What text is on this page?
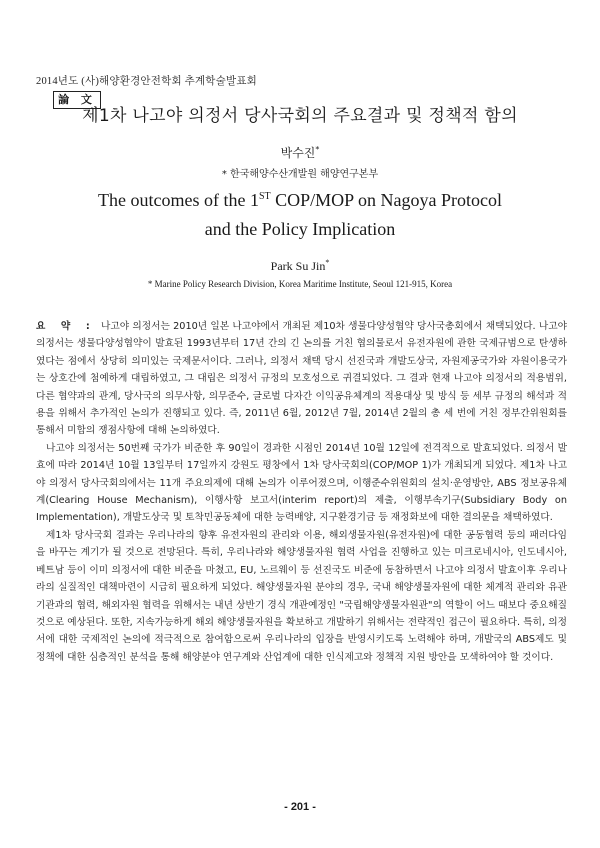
2014년도 (사)해양환경안전학회 추계학술발표회
論 文
제1차 나고야 의정서 당사국회의 주요결과 및 정책적 함의
박수진*
* 한국해양수산개발원 해양연구본부
The outcomes of the 1ST COP/MOP on Nagoya Protocol
and the Policy Implication
Park Su Jin*
* Marine Policy Research Division, Korea Maritime Institute, Seoul 121-915, Korea

요 약 : 나고야 의정서는 2010년 일본 나고야에서 개최된 제10차 생물다양성협약 당사국총회에서 채택되었다. 나고야 의정서는 생물다양성협약이 발효된 1993년부터 17년 간의 긴 논의를 거친 협의물로서 유전자원에 관한 국제규범으로 탄생하였다는 점에서 상당히 의미있는 국제문서이다. 그러나, 의정서 채택 당시 선진국과 개발도상국, 자원제공국가와 자원이용국가는 상호간에 첨예하게 대립하였고, 그 대립은 의정서 규정의 모호성으로 귀결되었다. 그 결과 현재 나고야 의정서의 적용범위, 다른 협약과의 관계, 당사국의 의무사항, 의무준수, 글로벌 다자간 이익공유체계의 적용대상 및 방식 등 세부 규정의 해석과 적용을 위해서 추가적인 논의가 진행되고 있다. 즉, 2011년 6월, 2012년 7월, 2014년 2월의 총 세 번에 거친 정부간위원회를 통해서 미합의 쟁점사항에 대해 논의하였다.

나고야 의정서는 50번째 국가가 비준한 후 90일이 경과한 시점인 2014년 10월 12일에 전격적으로 발효되었다. 의정서 발효에 따라 2014년 10월 13일부터 17일까지 강원도 평창에서 1차 당사국회의(COP/MOP 1)가 개최되게 되었다. 제1차 나고야 의정서 당사국회의에서는 11개 주요의제에 대해 논의가 이루어졌으며, 이행준수위원회의 설치·운영방안, ABS 정보공유체계(Clearing House Mechanism), 이행사항 보고서(interim report)의 제출, 이행부속기구(Subsidiary Body on Implementation), 개발도상국 및 토착민공동체에 대한 능력배양, 지구환경기금 등 재정화보에 대한 결의문을 채택하였다.

제1차 당사국회 결과는 우리나라의 향후 유전자원의 관리와 이용, 해외생물자원(유전자원)에 대한 공동협력 등의 패러다임을 바꾸는 계기가 될 것으로 전망된다. 특히, 우리나라와 해양생물자원 협력 사업을 진행하고 있는 미크로네시아, 인도네시아, 베트남 등이 이미 의정서에 대한 비준을 마쳤고, EU, 노르웨이 등 선진국도 비준에 동참하면서 나고야 의정서 발효이후 우리나라의 실질적인 대책마련이 시급히 필요하게 되었다. 해양생물자원 분야의 경우, 국내 해양생물자원에 대한 체계적 관리와 유관 기관과의 협력, 해외자원 협력을 위해서는 내년 상반기 경식 개관예정인 "국립해양생물자원관"의 역할이 어느 때보다 중요해질 것으로 예상된다. 또한, 지속가능하게 해외 해양생물자원을 확보하고 개발하기 위해서는 전략적인 접근이 필요하다. 특히, 의정서에 대한 국제적인 논의에 적극적으로 참여함으로써 우리나라의 입장을 반영시키도록 노력해야 하며, 개발국의 ABS제도 및 정책에 대한 심층적인 분석을 통해 해양분야 연구계와 산업계에 대한 인식제고와 정책적 지원 방안을 모색하여야 할 것이다.

- 201 -
